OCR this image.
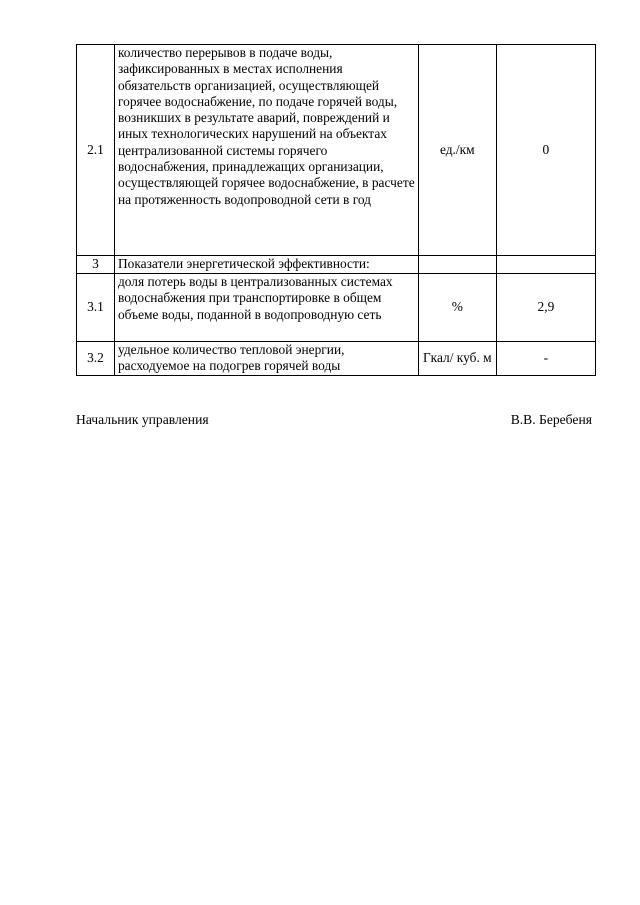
2.1	количество перерывов в подаче воды, зафиксированных в местах исполнения обязательств организацией, осуществляющей горячее водоснабжение, по подаче горячей воды, возникших в результате аварий, повреждений и иных технологических нарушений на объектах централизованной системы горячего водоснабжения, принадлежащих организации, осуществляющей горячее водоснабжение, в расчете на протяженность водопроводной сети в год	ед./км	0
3	Показатели энергетической эффективности:		
3.1	доля потерь воды в централизованных системах водоснабжения при транспортировке в общем объеме воды, поданной в водопроводную сеть	%	2,9
3.2	удельное количество тепловой энергии, расходуемое на подогрев горячей воды	Гкал/ куб. м	-
Начальник управления	В.В. Беребеня
